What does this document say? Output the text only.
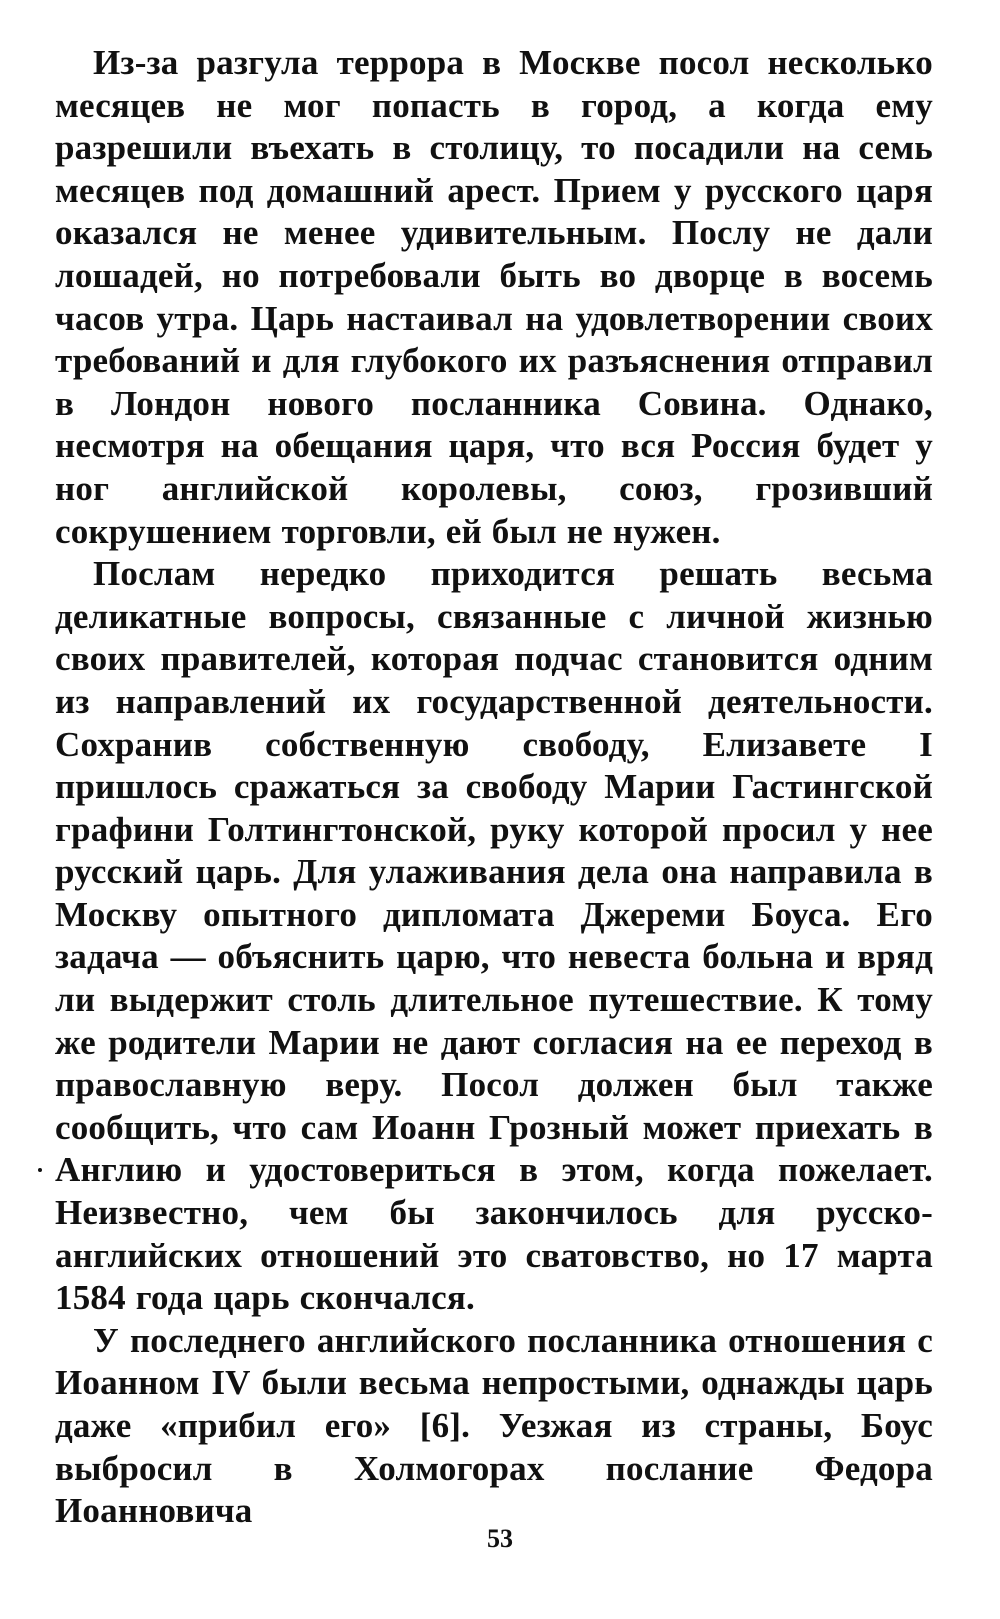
Из-за разгула террора в Москве посол несколько месяцев не мог попасть в город, а когда ему разрешили въехать в столицу, то посадили на семь месяцев под домашний арест. Прием у русского царя оказался не менее удивительным. Послу не дали лошадей, но потребовали быть во дворце в восемь часов утра. Царь настаивал на удовлетворении своих требований и для глубокого их разъяснения отправил в Лондон нового посланника Совина. Однако, несмотря на обещания царя, что вся Россия будет у ног английской королевы, союз, грозивший сокрушением торговли, ей был не нужен.

Послам нередко приходится решать весьма деликатные вопросы, связанные с личной жизнью своих правителей, которая подчас становится одним из направлений их государственной деятельности. Сохранив собственную свободу, Елизавете I пришлось сражаться за свободу Марии Гастингской графини Голтингтонской, руку которой просил у нее русский царь. Для улаживания дела она направила в Москву опытного дипломата Джереми Боуса. Его задача — объяснить царю, что невеста больна и вряд ли выдержит столь длительное путешествие. К тому же родители Марии не дают согласия на ее переход в православную веру. Посол должен был также сообщить, что сам Иоанн Грозный может приехать в Англию и удостовериться в этом, когда пожелает. Неизвестно, чем бы закончилось для русско-английских отношений это сватовство, но 17 марта 1584 года царь скончался.

У последнего английского посланника отношения с Иоанном IV были весьма непростыми, однажды царь даже «прибил его» [6]. Уезжая из страны, Боус выбросил в Холмогорах послание Федора Иоанновича

53
